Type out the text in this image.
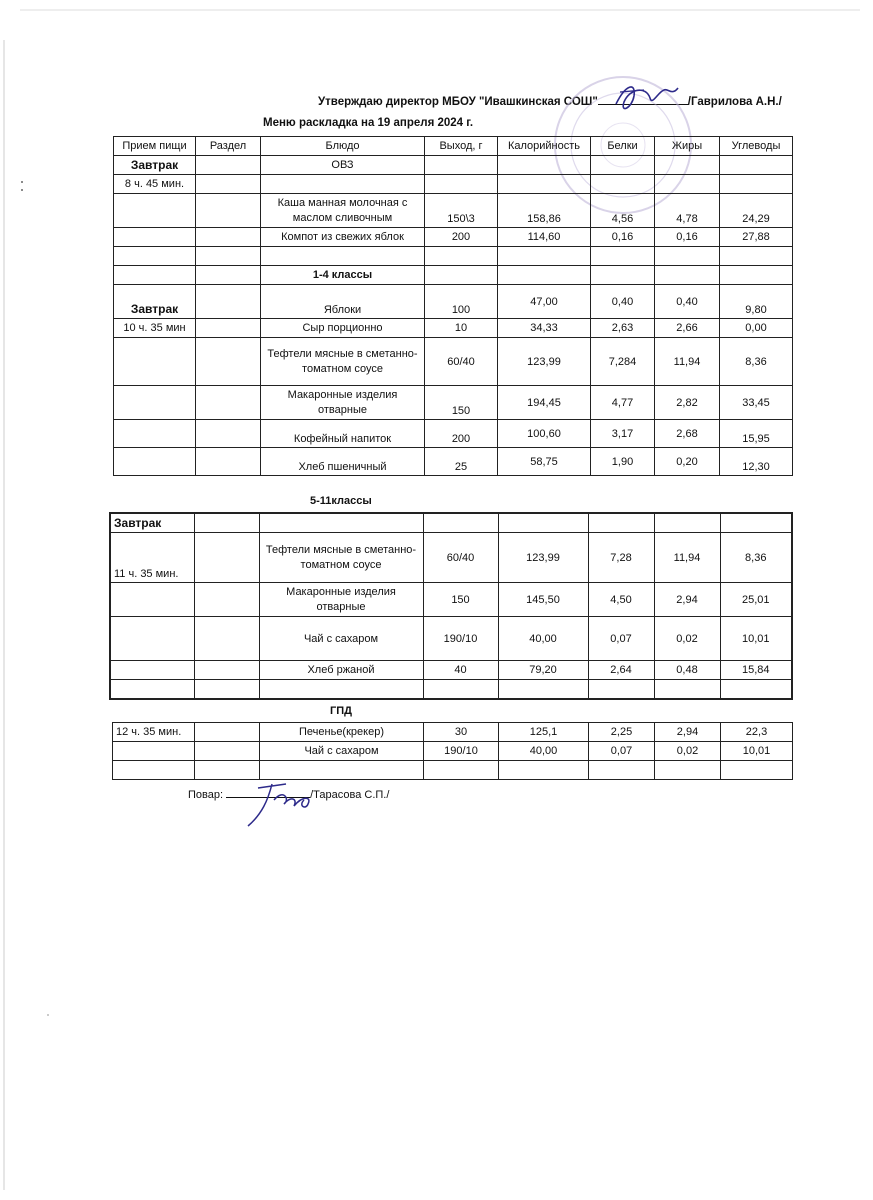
Утверждаю директор МБОУ "Ивашкинская СОШ"	/Гаврилова А.Н./
Меню раскладка на 19 апреля 2024 г.
Прием пищи	Раздел	Блюдо	Выход, г	Калорийность	Белки	Жиры	Углеводы
Завтрак		ОВЗ					
8 ч. 45 мин.							
		Каша манная молочная с маслом сливочным	150\3	158,86	4,56	4,78	24,29
		Компот из свежих яблок	200	114,60	0,16	0,16	27,88

		1-4 классы					
Завтрак		Яблоки	100	47,00	0,40	0,40	9,80
10 ч. 35 мин		Сыр порционно	10	34,33	2,63	2,66	0,00
		Тефтели мясные в сметанно-томатном соусе	60/40	123,99	7,284	11,94	8,36
		Макаронные изделия отварные	150	194,45	4,77	2,82	33,45
		Кофейный напиток	200	100,60	3,17	2,68	15,95
		Хлеб пшеничный	25	58,75	1,90	0,20	12,30
5-11классы
Завтрак							
11 ч. 35 мин.		Тефтели мясные в сметанно-томатном соусе	60/40	123,99	7,28	11,94	8,36
		Макаронные изделия отварные	150	145,50	4,50	2,94	25,01
		Чай с сахаром	190/10	40,00	0,07	0,02	10,01
		Хлеб ржаной	40	79,20	2,64	0,48	15,84

ГПД
12 ч. 35 мин.		Печенье(крекер)	30	125,1	2,25	2,94	22,3
		Чай с сахаром	190/10	40,00	0,07	0,02	10,01

Повар:	/Тарасова С.П./
